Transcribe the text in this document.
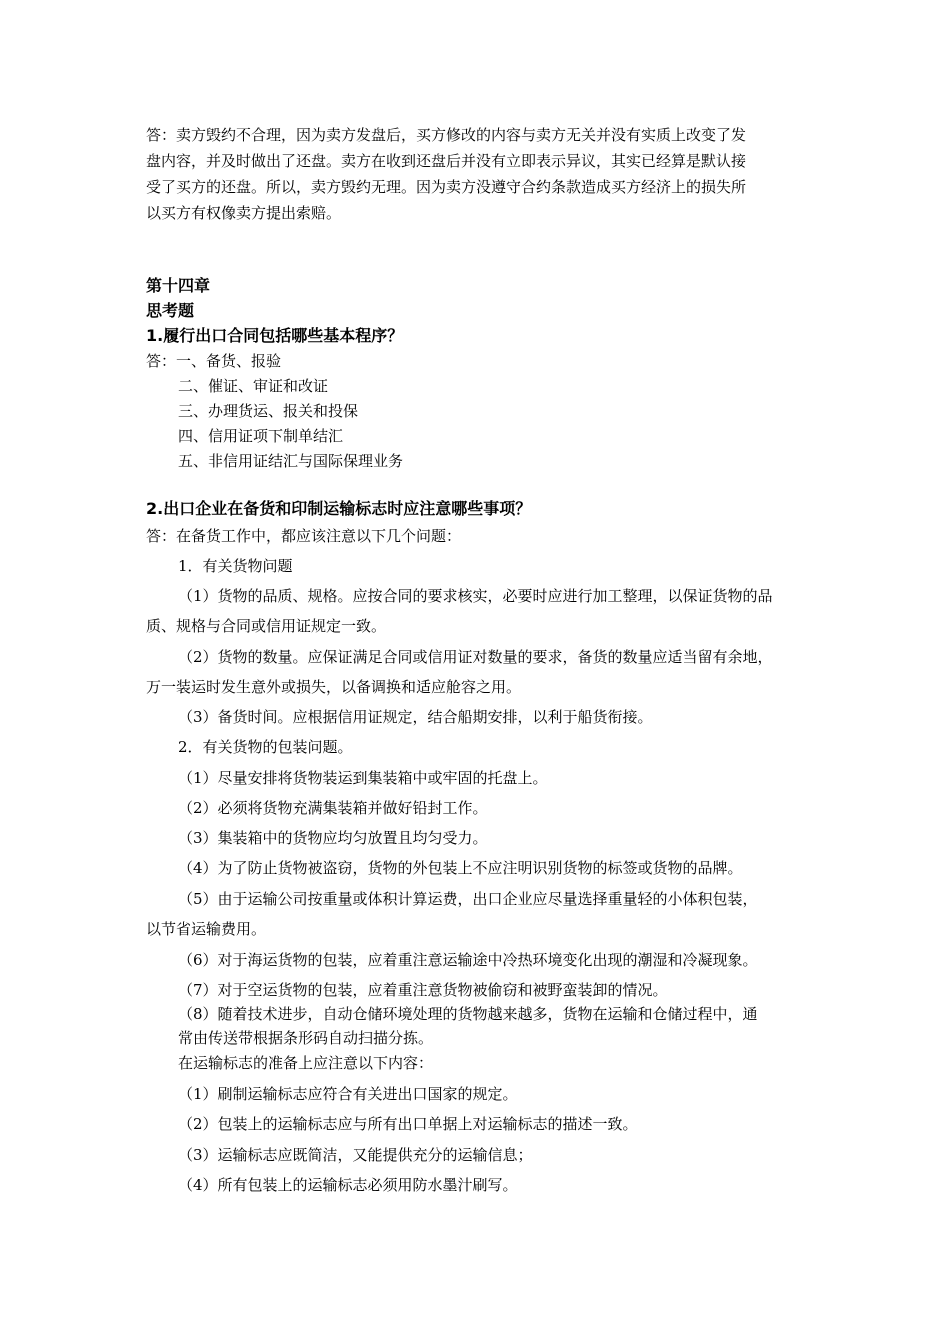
答：卖方毁约不合理，因为卖方发盘后，买方修改的内容与卖方无关并没有实质上改变了发
盘内容，并及时做出了还盘。卖方在收到还盘后并没有立即表示异议，其实已经算是默认接
受了买方的还盘。所以，卖方毁约无理。因为卖方没遵守合约条款造成买方经济上的损失所
以买方有权像卖方提出索赔。
第十四章
思考题
1.履行出口合同包括哪些基本程序？
答：一、备货、报验
二、催证、审证和改证
三、办理货运、报关和投保
四、信用证项下制单结汇
五、非信用证结汇与国际保理业务
2.出口企业在备货和印制运输标志时应注意哪些事项？
答：在备货工作中，都应该注意以下几个问题：
1．有关货物问题
（1）货物的品质、规格。应按合同的要求核实，必要时应进行加工整理，以保证货物的品
质、规格与合同或信用证规定一致。
（2）货物的数量。应保证满足合同或信用证对数量的要求，备货的数量应适当留有余地，
万一装运时发生意外或损失，以备调换和适应舱容之用。
（3）备货时间。应根据信用证规定，结合船期安排，以利于船货衔接。
2．有关货物的包装问题。
（1）尽量安排将货物装运到集装箱中或牢固的托盘上。
（2）必须将货物充满集装箱并做好铅封工作。
（3）集装箱中的货物应均匀放置且均匀受力。
（4）为了防止货物被盗窃，货物的外包装上不应注明识别货物的标签或货物的品牌。
（5）由于运输公司按重量或体积计算运费，出口企业应尽量选择重量轻的小体积包装，
以节省运输费用。
（6）对于海运货物的包装，应着重注意运输途中冷热环境变化出现的潮湿和冷凝现象。
（7）对于空运货物的包装，应着重注意货物被偷窃和被野蛮装卸的情况。
（8）随着技术进步，自动仓储环境处理的货物越来越多，货物在运输和仓储过程中，通
常由传送带根据条形码自动扫描分拣。
在运输标志的准备上应注意以下内容：
（1）刷制运输标志应符合有关进出口国家的规定。
（2）包装上的运输标志应与所有出口单据上对运输标志的描述一致。
（3）运输标志应既简洁，又能提供充分的运输信息；
（4）所有包装上的运输标志必须用防水墨汁刷写。
